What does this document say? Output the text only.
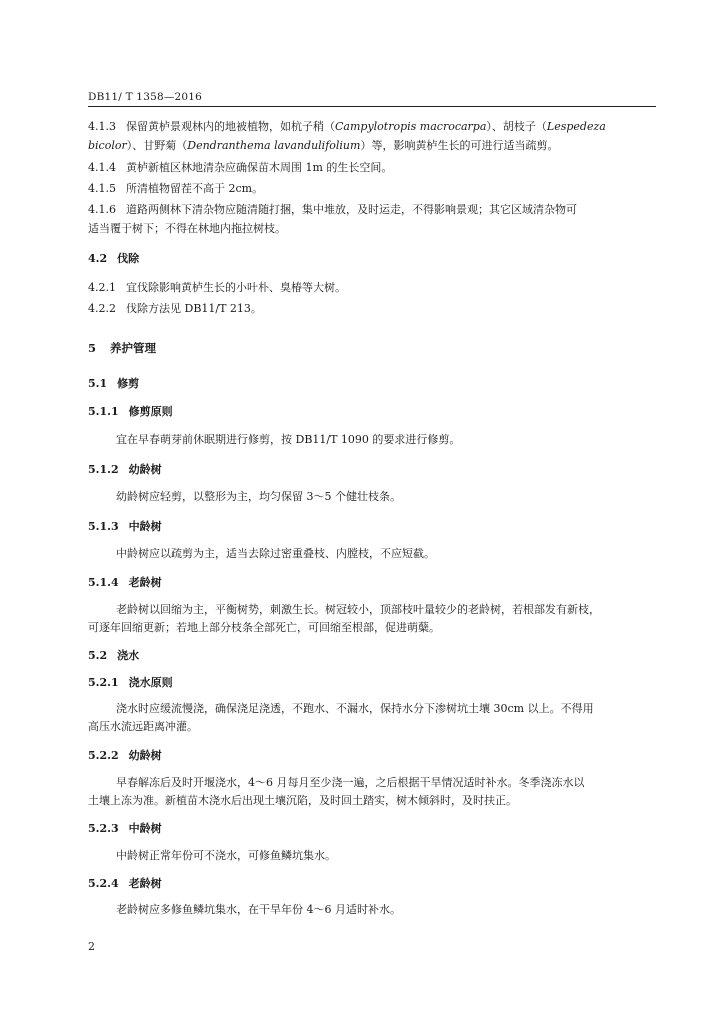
DB11/ T 1358—2016
4.1.3 保留黄栌景观林内的地被植物，如杭子稍（Campylotropis macrocarpa）、胡枝子（Lespedeza
bicolor）、甘野菊（Dendranthema lavandulifolium）等，影响黄栌生长的可进行适当疏剪。
4.1.4 黄栌新植区林地清杂应确保苗木周围 1m 的生长空间。
4.1.5 所清植物留茬不高于 2cm。
4.1.6 道路两侧林下清杂物应随清随打捆，集中堆放，及时运走，不得影响景观；其它区域清杂物可
适当覆于树下；不得在林地内拖拉树枝。
4.2 伐除
4.2.1 宜伐除影响黄栌生长的小叶朴、臭椿等大树。
4.2.2 伐除方法见 DB11/T 213。
5 养护管理
5.1 修剪
5.1.1 修剪原则
宜在早春萌芽前休眠期进行修剪，按 DB11/T 1090 的要求进行修剪。
5.1.2 幼龄树
幼龄树应轻剪，以整形为主，均匀保留 3～5 个健壮枝条。
5.1.3 中龄树
中龄树应以疏剪为主，适当去除过密重叠枝、内膛枝，不应短截。
5.1.4 老龄树
老龄树以回缩为主，平衡树势，刺激生长。树冠较小，顶部枝叶量较少的老龄树，若根部发有新枝，
可逐年回缩更新；若地上部分枝条全部死亡，可回缩至根部，促进萌蘖。
5.2 浇水
5.2.1 浇水原则
浇水时应缓流慢浇，确保浇足浇透，不跑水、不漏水，保持水分下渗树坑土壤 30cm 以上。不得用
高压水流远距离冲灌。
5.2.2 幼龄树
早春解冻后及时开堰浇水，4～6 月每月至少浇一遍，之后根据干旱情况适时补水。冬季浇冻水以
土壤上冻为准。新植苗木浇水后出现土壤沉陷，及时回土踏实，树木倾斜时，及时扶正。
5.2.3 中龄树
中龄树正常年份可不浇水，可修鱼鳞坑集水。
5.2.4 老龄树
老龄树应多修鱼鳞坑集水，在干旱年份 4～6 月适时补水。
2
